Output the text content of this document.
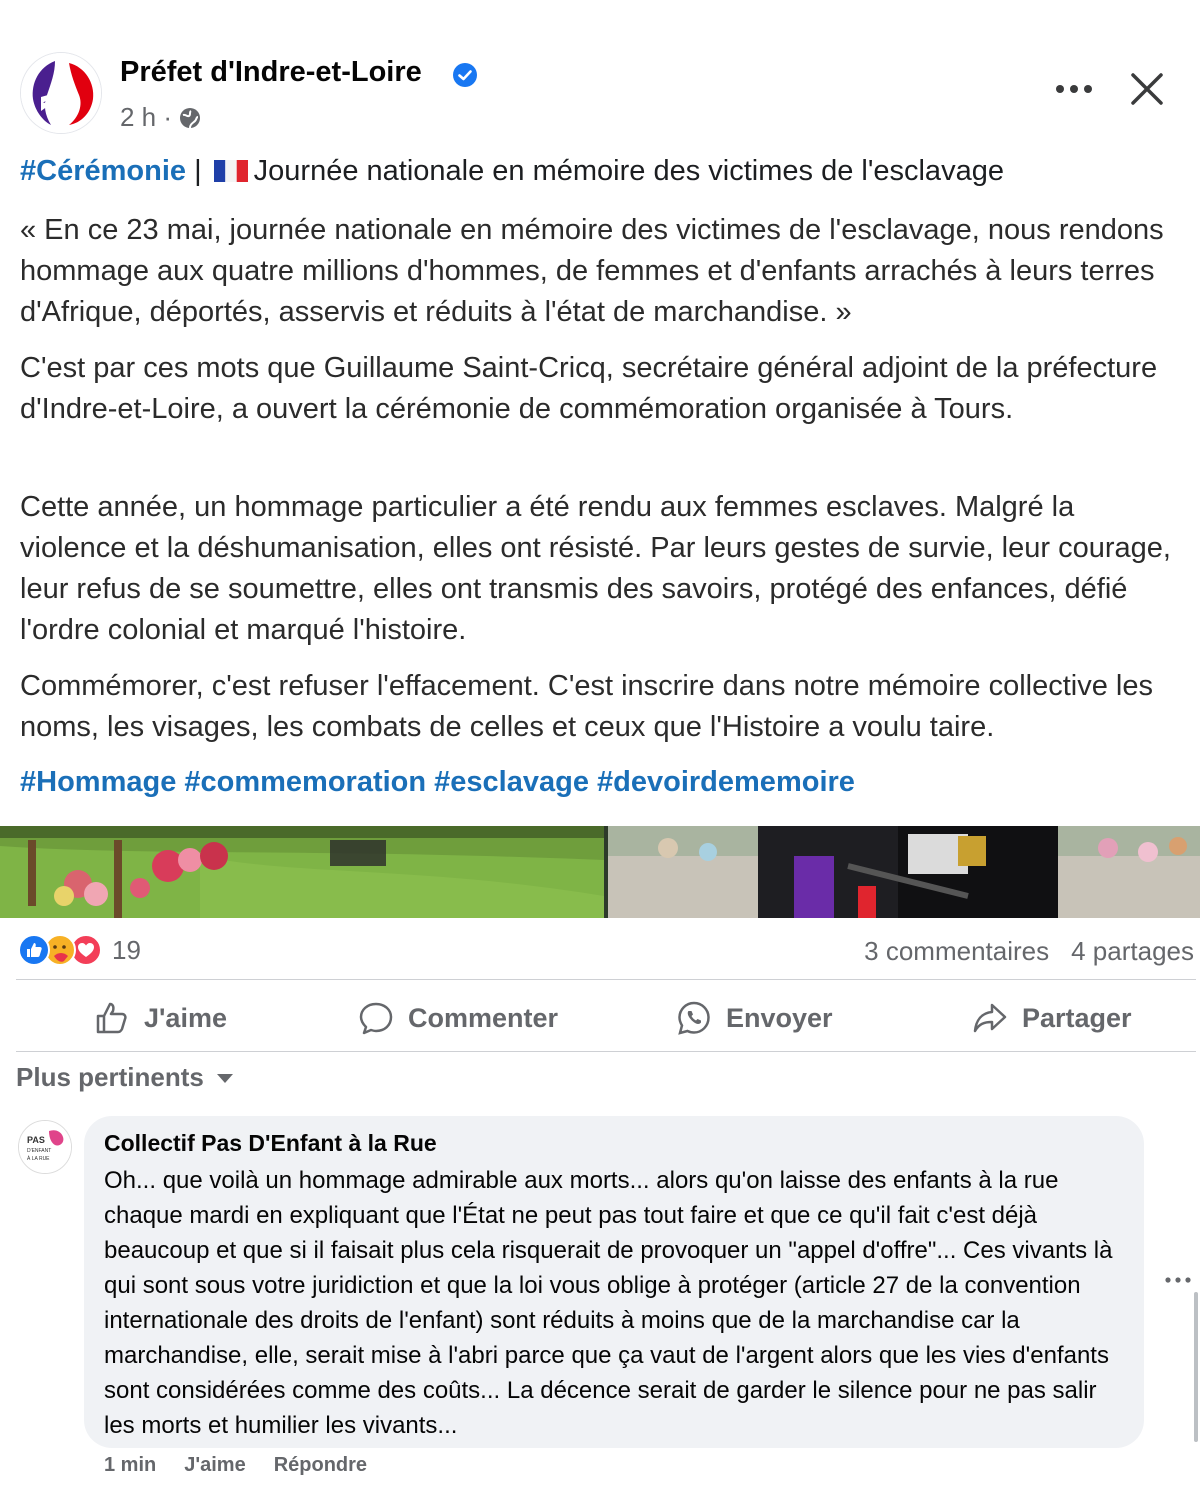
Préfet d'Indre-et-Loire
2 h ·
#Cérémonie | Journée nationale en mémoire des victimes de l'esclavage
« En ce 23 mai, journée nationale en mémoire des victimes de l'esclavage, nous rendons hommage aux quatre millions d'hommes, de femmes et d'enfants arrachés à leurs terres d'Afrique, déportés, asservis et réduits à l'état de marchandise. »
C'est par ces mots que Guillaume Saint-Cricq, secrétaire général adjoint de la préfecture d'Indre-et-Loire, a ouvert la cérémonie de commémoration organisée à Tours.
Cette année, un hommage particulier a été rendu aux femmes esclaves. Malgré la violence et la déshumanisation, elles ont résisté. Par leurs gestes de survie, leur courage, leur refus de se soumettre, elles ont transmis des savoirs, protégé des enfances, défié l'ordre colonial et marqué l'histoire.
Commémorer, c'est refuser l'effacement. C'est inscrire dans notre mémoire collective les noms, les visages, les combats de celles et ceux que l'Histoire a voulu taire.
#Hommage #commemoration #esclavage #devoirdememoire
19	3 commentaires 4 partages
J'aime	Commenter	Envoyer	Partager
Plus pertinents
PAS
D'ENFANT
À LA RUE
Collectif Pas D'Enfant à la Rue
Oh... que voilà un hommage admirable aux morts... alors qu'on laisse des enfants à la rue chaque mardi en expliquant que l'État ne peut pas tout faire et que ce qu'il fait c'est déjà beaucoup et que si il faisait plus cela risquerait de provoquer un "appel d'offre"... Ces vivants là qui sont sous votre juridiction et que la loi vous oblige à protéger (article 27 de la convention internationale des droits de l'enfant) sont réduits à moins que de la marchandise car la marchandise, elle, serait mise à l'abri parce que ça vaut de l'argent alors que les vies d'enfants sont considérées comme des coûts... La décence serait de garder le silence pour ne pas salir les morts et humilier les vivants...
1 min J'aime Répondre
